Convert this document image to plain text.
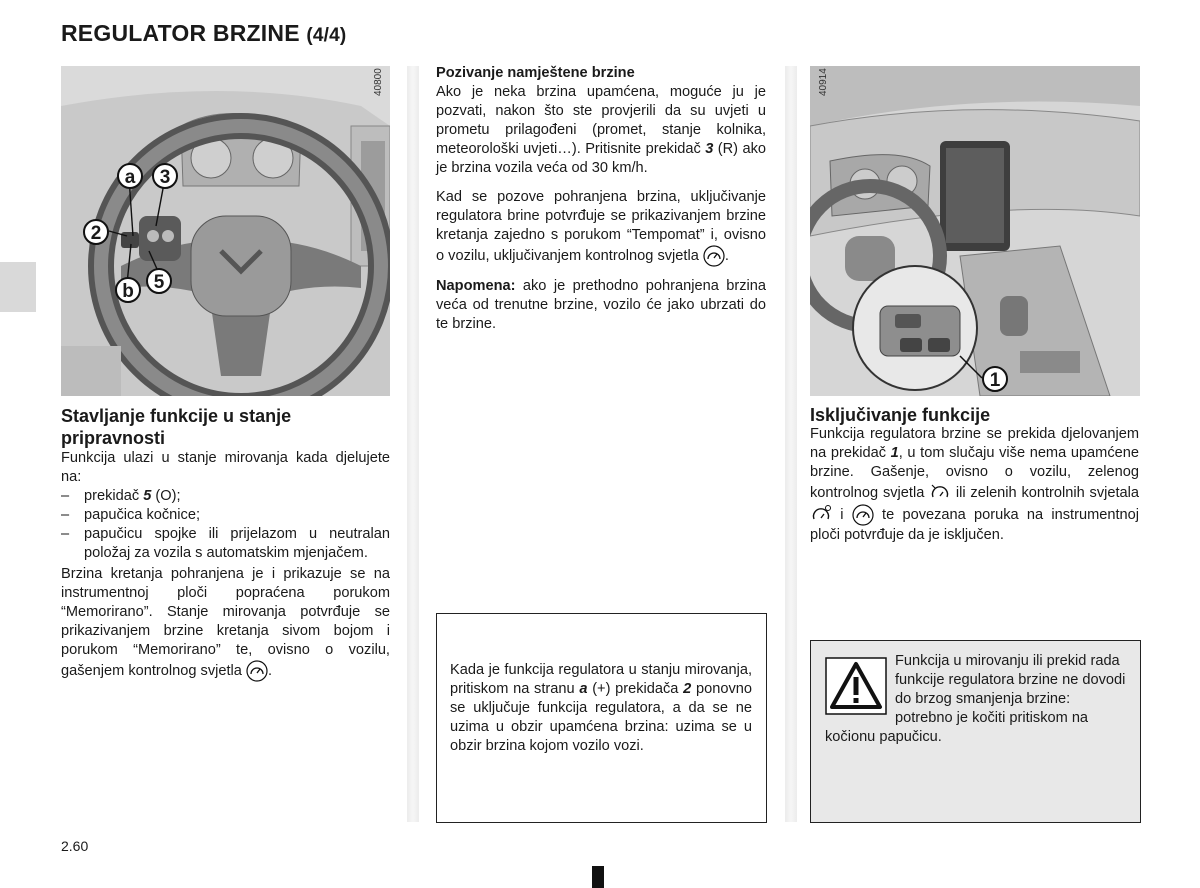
REGULATOR BRZINE (4/4)
40800
a	3
2
b	5
Stavljanje funkcije u stanje pripravnosti
Funkcija ulazi u stanje mirovanja kada djelujete na:
– prekidač 5 (O);
– papučica kočnice;
– papučicu spojke ili prijelazom u neutralan položaj za vozila s automatskim mjenjačem.
Brzina kretanja pohranjena je i prikazuje se na instrumentnoj ploči popraćena porukom “Memorirano”. Stanje mirovanja potvrđuje se prikazivanjem brzine kretanja sivom bojom i porukom “Memorirano” te, ovisno o vozilu, gašenjem kontrolnog svjetla .

Pozivanje namještene brzine
Ako je neka brzina upamćena, moguće ju je pozvati, nakon što ste provjerili da su uvjeti u prometu prilagođeni (promet, stanje kolnika, meteorološki uvjeti…). Pritisnite prekidač 3 (R) ako je brzina vozila veća od 30 km/h.

Kad se pozove pohranjena brzina, uključivanje regulatora brine potvrđuje se prikazivanjem brzine kretanja zajedno s porukom “Tempomat” i, ovisno o vozilu, uključivanjem kontrolnog svjetla .

Napomena: ako je prethodno pohranjena brzina veća od trenutne brzine, vozilo će jako ubrzati do te brzine.

Kada je funkcija regulatora u stanju mirovanja, pritiskom na stranu a (+) prekidača 2 ponovno se uključuje funkcija regulatora, a da se ne uzima u obzir upamćena brzina: uzima se u obzir brzina kojom vozilo vozi.
40914
1
Isključivanje funkcije
Funkcija regulatora brzine se prekida djelovanjem na prekidač 1, u tom slučaju više nema upamćene brzine. Gašenje, ovisno o vozilu, zelenog kontrolnog svjetla  ili zelenih kontrolnih svjetala  i  te povezana poruka na instrumentnoj ploči potvrđuje da je isključen.
Funkcija u mirovanju ili prekid rada funkcije regulatora brzine ne dovodi do brzog smanjenja brzine: potrebno je kočiti pritiskom na kočionu papučicu.
2.60
